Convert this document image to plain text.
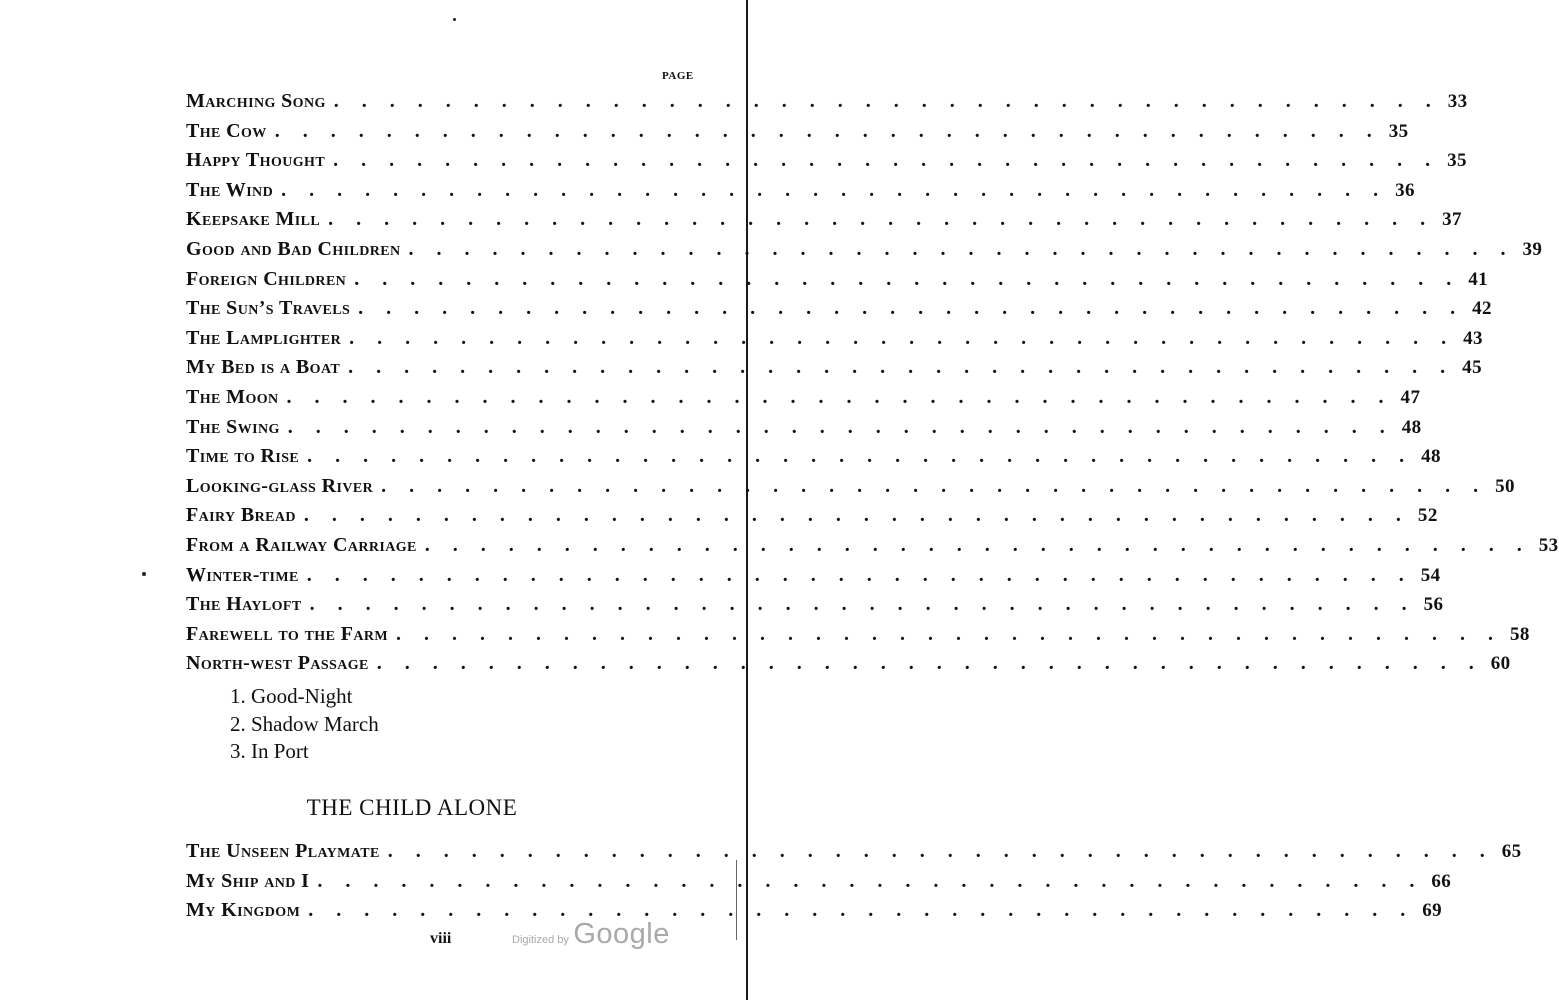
PAGE
Marching Song . . . . . . . . . . . . . . . . . . . . . . . . . . . . . . . . . . . . . . . . 33
The Cow . . . . . . . . . . . . . . . . . . . . . . . . . . . . . . . . . . . . . . . . 35
Happy Thought . . . . . . . . . . . . . . . . . . . . . . . . . . . . . . . . . . . . . . . . 35
The Wind . . . . . . . . . . . . . . . . . . . . . . . . . . . . . . . . . . . . . . . . 36
Keepsake Mill . . . . . . . . . . . . . . . . . . . . . . . . . . . . . . . . . . . . . . . . 37
Good and Bad Children . . . . . . . . . . . . . . . . . . . . . . . . . . . . . . . . . . . . . . . . 39
Foreign Children . . . . . . . . . . . . . . . . . . . . . . . . . . . . . . . . . . . . . . . . 41
The Sun’s Travels . . . . . . . . . . . . . . . . . . . . . . . . . . . . . . . . . . . . . . . . 42
The Lamplighter . . . . . . . . . . . . . . . . . . . . . . . . . . . . . . . . . . . . . . . . 43
My Bed is a Boat . . . . . . . . . . . . . . . . . . . . . . . . . . . . . . . . . . . . . . . . 45
The Moon . . . . . . . . . . . . . . . . . . . . . . . . . . . . . . . . . . . . . . . . 47
The Swing . . . . . . . . . . . . . . . . . . . . . . . . . . . . . . . . . . . . . . . . 48
Time to Rise . . . . . . . . . . . . . . . . . . . . . . . . . . . . . . . . . . . . . . . . 48
Looking-glass River . . . . . . . . . . . . . . . . . . . . . . . . . . . . . . . . . . . . . . . . 50
Fairy Bread . . . . . . . . . . . . . . . . . . . . . . . . . . . . . . . . . . . . . . . . 52
From a Railway Carriage . . . . . . . . . . . . . . . . . . . . . . . . . . . . . . . . . . . . . . . . 53
Winter-time . . . . . . . . . . . . . . . . . . . . . . . . . . . . . . . . . . . . . . . . 54
The Hayloft . . . . . . . . . . . . . . . . . . . . . . . . . . . . . . . . . . . . . . . . 56
Farewell to the Farm . . . . . . . . . . . . . . . . . . . . . . . . . . . . . . . . . . . . . . . . 58
North-west Passage . . . . . . . . . . . . . . . . . . . . . . . . . . . . . . . . . . . . . . . . 60
1. Good-Night
2. Shadow March
3. In Port
THE CHILD ALONE
The Unseen Playmate . . . . . . . . . . . . . . . . . . . . . . . . . . . . . . . . . . . . . . . . 65
My Ship and I . . . . . . . . . . . . . . . . . . . . . . . . . . . . . . . . . . . . . . . . 66
My Kingdom . . . . . . . . . . . . . . . . . . . . . . . . . . . . . . . . . . . . . . . . 69
viii	Digitized by Google
